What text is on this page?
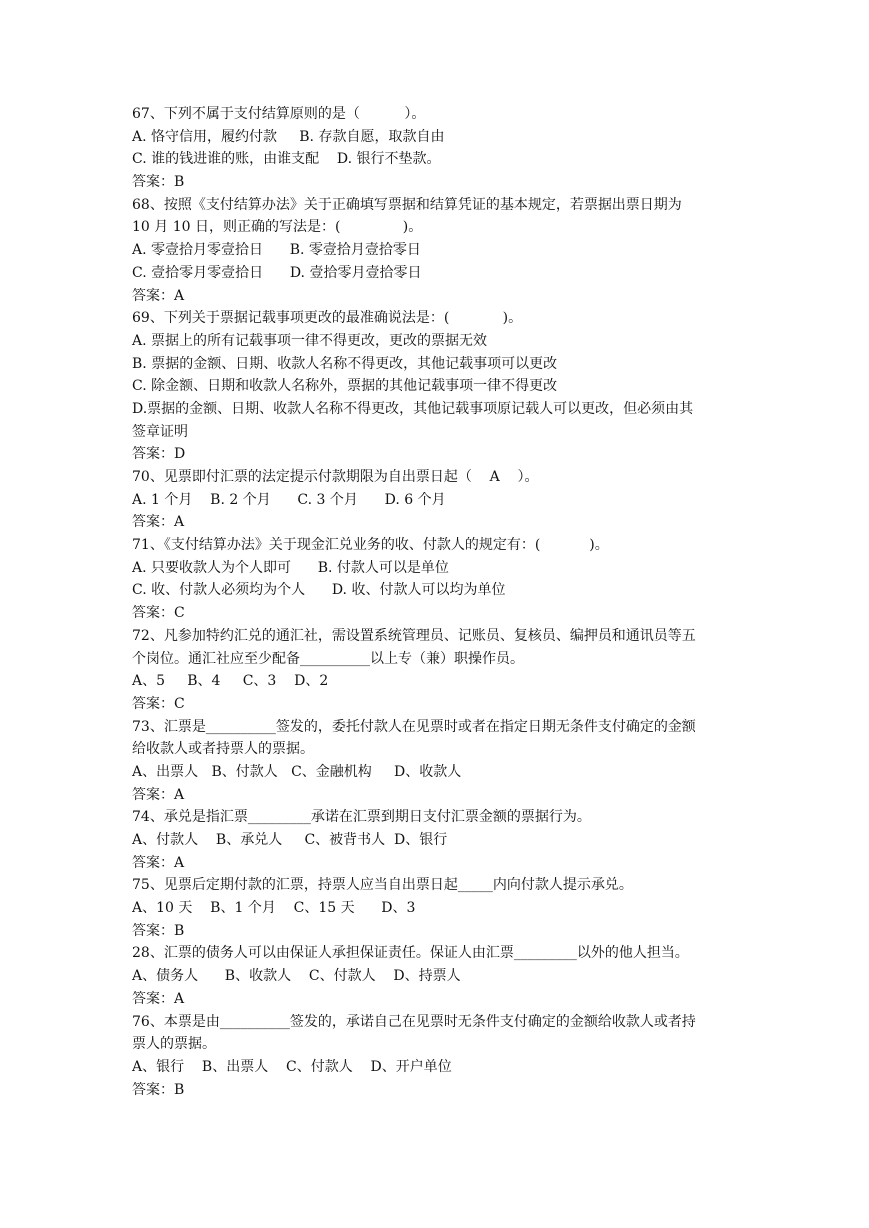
67、下列不属于支付结算原则的是（          ）。
A. 恪守信用，履约付款     B. 存款自愿，取款自由
C. 谁的钱进谁的账，由谁支配    D. 银行不垫款。
答案：B
68、按照《支付结算办法》关于正确填写票据和结算凭证的基本规定，若票据出票日期为
10 月 10 日，则正确的写法是：(              )。
A. 零壹拾月零壹拾日      B. 零壹拾月壹拾零日
C. 壹拾零月零壹拾日      D. 壹拾零月壹拾零日
答案：A
69、下列关于票据记载事项更改的最准确说法是：(            )。
A. 票据上的所有记载事项一律不得更改，更改的票据无效
B. 票据的金额、日期、收款人名称不得更改，其他记载事项可以更改
C. 除金额、日期和收款人名称外，票据的其他记载事项一律不得更改
D.票据的金额、日期、收款人名称不得更改，其他记载事项原记载人可以更改，但必须由其
签章证明
答案：D
70、见票即付汇票的法定提示付款期限为自出票日起（    A    ）。
A. 1 个月    B. 2 个月      C. 3 个月      D. 6 个月
答案：A
71、《支付结算办法》关于现金汇兑业务的收、付款人的规定有：(           )。
A. 只要收款人为个人即可      B. 付款人可以是单位
C. 收、付款人必须均为个人      D. 收、付款人可以均为单位
答案：C
72、凡参加特约汇兑的通汇社，需设置系统管理员、记账员、复核员、编押员和通讯员等五
个岗位。通汇社应至少配备__________以上专（兼）职操作员。
A、5     B、4     C、3    D、2
答案：C
73、汇票是__________签发的，委托付款人在见票时或者在指定日期无条件支付确定的金额
给收款人或者持票人的票据。
A、出票人   B、付款人   C、金融机构     D、收款人
答案：A
74、承兑是指汇票_________承诺在汇票到期日支付汇票金额的票据行为。
A、付款人    B、承兑人     C、被背书人  D、银行
答案：A
75、见票后定期付款的汇票，持票人应当自出票日起_____内向付款人提示承兑。
A、10 天    B、1 个月    C、15 天      D、3
答案：B
28、汇票的债务人可以由保证人承担保证责任。保证人由汇票_________以外的他人担当。
A、债务人      B、收款人    C、付款人    D、持票人
答案：A
76、本票是由__________签发的，承诺自己在见票时无条件支付确定的金额给收款人或者持
票人的票据。
A、银行    B、出票人    C、付款人    D、开户单位
答案：B
